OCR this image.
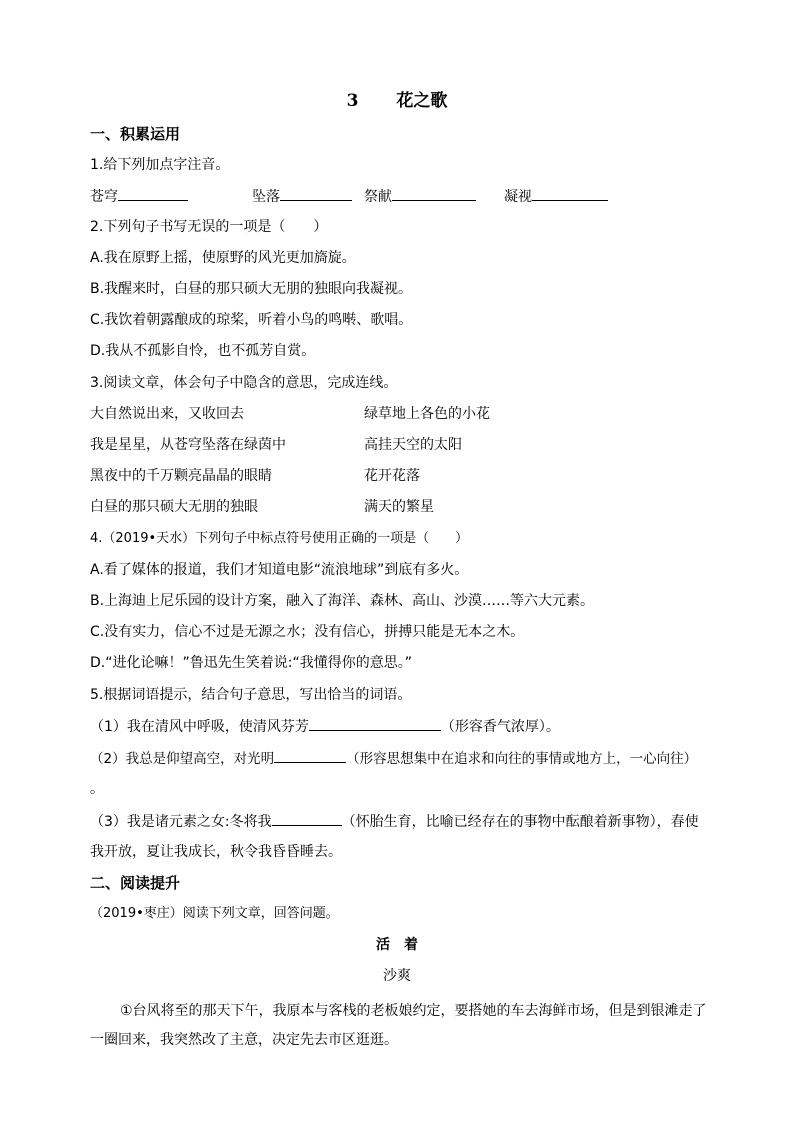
3 花之歌
一、积累运用
1.给下列加点字注音。
苍穹	坠落	祭献	凝视
2.下列句子书写无误的一项是（　　）
A.我在原野上摇，使原野的风光更加旖旋。
B.我醒来时，白昼的那只硕大无朋的独眼向我凝视。
C.我饮着朝露酿成的琼桨，听着小鸟的鸣啭、歌唱。
D.我从不孤影自怜，也不孤芳自赏。
3.阅读文章，体会句子中隐含的意思，完成连线。
大自然说出来，又收回去	绿草地上各色的小花
我是星星，从苍穹坠落在绿茵中	高挂天空的太阳
黑夜中的千万颗亮晶晶的眼睛	花开花落
白昼的那只硕大无朋的独眼	满天的繁星
4.（2019•天水）下列句子中标点符号使用正确的一项是（　　）
A.看了媒体的报道，我们才知道电影“流浪地球”到底有多火。
B.上海迪上尼乐园的设计方案，融入了海洋、森林、高山、沙漠……等六大元素。
C.没有实力，信心不过是无源之水；没有信心，拼搏只能是无本之木。
D.“进化论嘛！”鲁迅先生笑着说:“我懂得你的意思。”
5.根据词语提示，结合句子意思，写出恰当的词语。
（1）我在清风中呼吸，使清风芬芳	（形容香气浓厚）。
（2）我总是仰望高空，对光明	（形容思想集中在追求和向往的事情或地方上，一心向往）
。
（3）我是诸元素之女:冬将我	（怀胎生育，比喻已经存在的事物中酝酿着新事物），春使
我开放，夏让我成长，秋令我昏昏睡去。
二、阅读提升
（2019•枣庄）阅读下列文章，回答问题。
活　着
沙爽
①台风将至的那天下午，我原本与客栈的老板娘约定，要搭她的车去海鲜市场，但是到银滩走了
一圈回来，我突然改了主意，决定先去市区逛逛。
